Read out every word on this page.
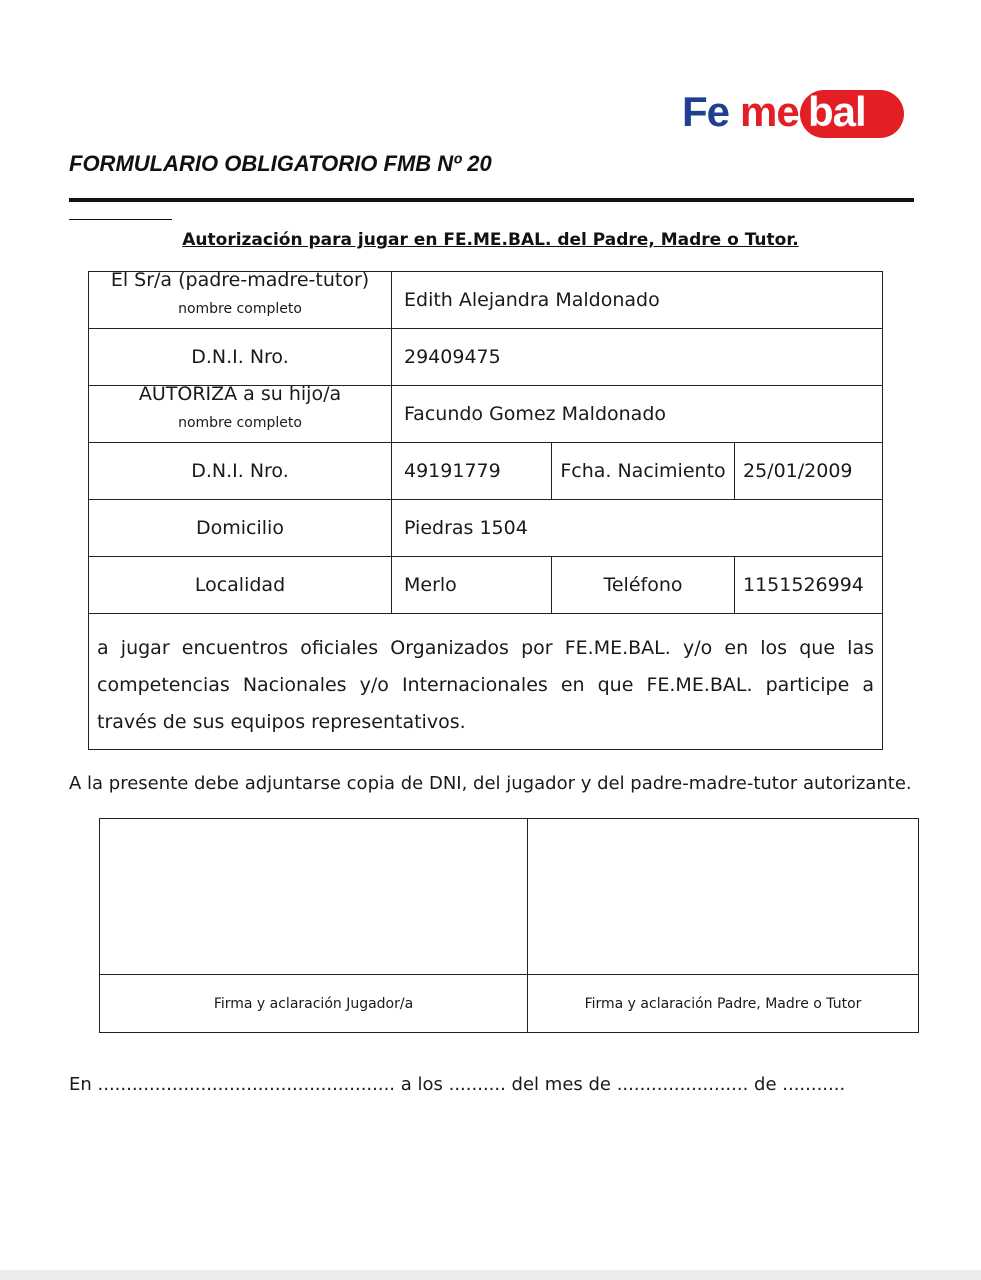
Fe me bal
FORMULARIO OBLIGATORIO FMB Nº 20
Autorización para jugar en FE.ME.BAL. del Padre, Madre o Tutor.
El Sr/a (padre-madre-tutor)
nombre completo	Edith Alejandra Maldonado		
D.N.I. Nro.	29409475		

AUTORIZA a su hijo/a
nombre completo	Facundo Gomez Maldonado		
D.N.I. Nro.	49191779	Fcha. Nacimiento	25/01/2009
Domicilio	Piedras 1504		
Localidad	Merlo	Teléfono	1151526994
a jugar encuentros oficiales Organizados por FE.ME.BAL. y/o en los que las competencias Nacionales y/o Internacionales en que FE.ME.BAL. participe a través de sus equipos representativos.			
A la presente debe adjuntarse copia de DNI, del jugador y del padre-madre-tutor autorizante.

Firma y aclaración Jugador/a	Firma y aclaración Padre, Madre o Tutor
En .................................................... a los .......... del mes de ....................... de ...........
